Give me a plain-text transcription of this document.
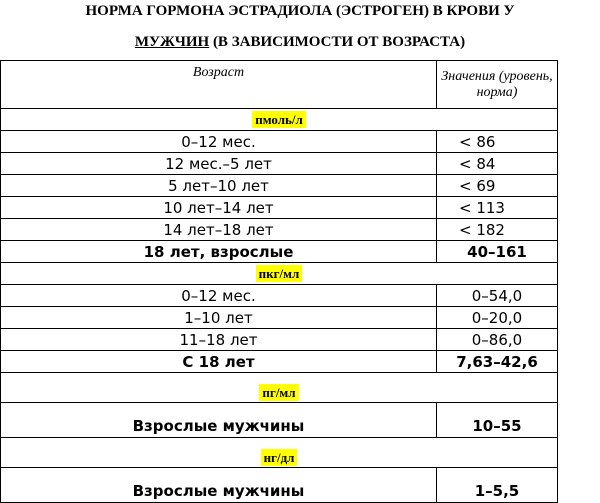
НОРМА ГОРМОНА ЭСТРАДИОЛА (ЭСТРОГЕН) В КРОВИ У
МУЖЧИН (В ЗАВИСИМОСТИ ОТ ВОЗРАСТА)
Возраст	Значения (уровень,
норма)

пмоль/л	
0–12 мес.	< 86
12 мес.–5 лет	< 84
5 лет–10 лет	< 69
10 лет–14 лет	< 113
14 лет–18 лет	< 182
18 лет, взрослые	40–161
пкг/мл	
0–12 мес.	0–54,0
1–10 лет	0–20,0
11–18 лет	0–86,0
С 18 лет	7,63–42,6
пг/мл	
Взрослые мужчины	10–55
нг/дл	
Взрослые мужчины	1–5,5
